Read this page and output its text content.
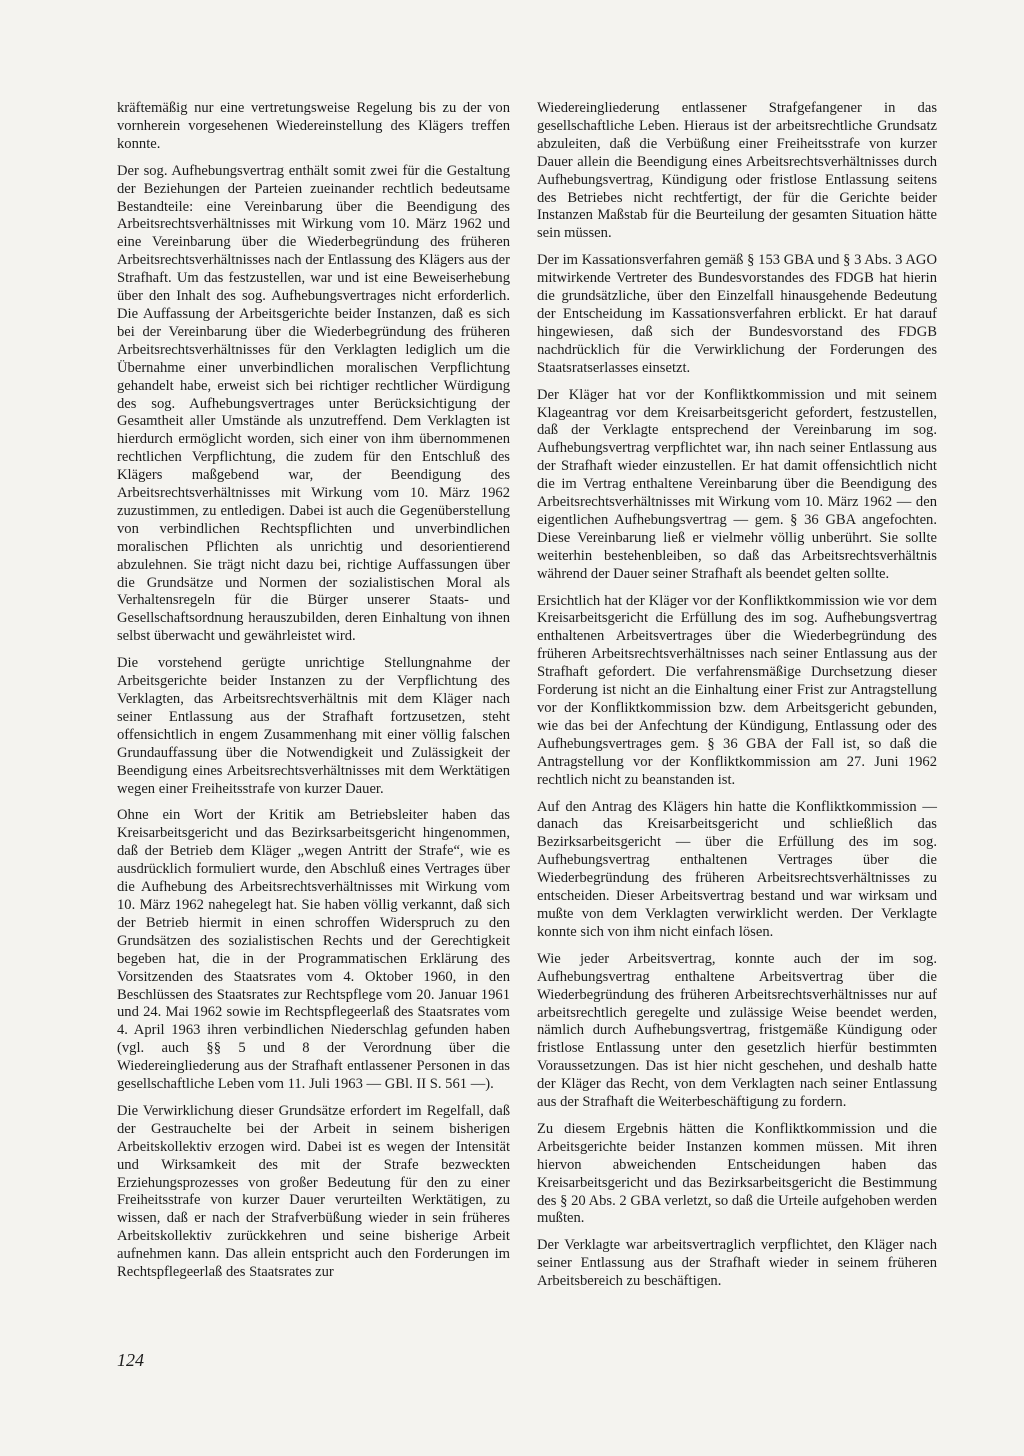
kräftemäßig nur eine vertretungsweise Regelung bis zu der von vornherein vorgesehenen Wiedereinstellung des Klägers treffen konnte.

Der sog. Aufhebungsvertrag enthält somit zwei für die Gestaltung der Beziehungen der Parteien zueinander rechtlich bedeutsame Bestandteile: eine Vereinbarung über die Beendigung des Arbeitsrechtsverhältnisses mit Wirkung vom 10. März 1962 und eine Vereinbarung über die Wiederbegründung des früheren Arbeitsrechtsverhältnisses nach der Entlassung des Klägers aus der Strafhaft. Um das festzustellen, war und ist eine Beweiserhebung über den Inhalt des sog. Aufhebungsvertrages nicht erforderlich. Die Auffassung der Arbeitsgerichte beider Instanzen, daß es sich bei der Vereinbarung über die Wiederbegründung des früheren Arbeitsrechtsverhältnisses für den Verklagten lediglich um die Übernahme einer unverbindlichen moralischen Verpflichtung gehandelt habe, erweist sich bei richtiger rechtlicher Würdigung des sog. Aufhebungsvertrages unter Berücksichtigung der Gesamtheit aller Umstände als unzutreffend. Dem Verklagten ist hierdurch ermöglicht worden, sich einer von ihm übernommenen rechtlichen Verpflichtung, die zudem für den Entschluß des Klägers maßgebend war, der Beendigung des Arbeitsrechtsverhältnisses mit Wirkung vom 10. März 1962 zuzustimmen, zu entledigen. Dabei ist auch die Gegenüberstellung von verbindlichen Rechtspflichten und unverbindlichen moralischen Pflichten als unrichtig und desorientierend abzulehnen. Sie trägt nicht dazu bei, richtige Auffassungen über die Grundsätze und Normen der sozialistischen Moral als Verhaltensregeln für die Bürger unserer Staats- und Gesellschaftsordnung herauszubilden, deren Einhaltung von ihnen selbst überwacht und gewährleistet wird.

Die vorstehend gerügte unrichtige Stellungnahme der Arbeitsgerichte beider Instanzen zu der Verpflichtung des Verklagten, das Arbeitsrechtsverhältnis mit dem Kläger nach seiner Entlassung aus der Strafhaft fortzusetzen, steht offensichtlich in engem Zusammenhang mit einer völlig falschen Grundauffassung über die Notwendigkeit und Zulässigkeit der Beendigung eines Arbeitsrechtsverhältnisses mit dem Werktätigen wegen einer Freiheitsstrafe von kurzer Dauer.

Ohne ein Wort der Kritik am Betriebsleiter haben das Kreisarbeitsgericht und das Bezirksarbeitsgericht hingenommen, daß der Betrieb dem Kläger „wegen Antritt der Strafe“, wie es ausdrücklich formuliert wurde, den Abschluß eines Vertrages über die Aufhebung des Arbeitsrechtsverhältnisses mit Wirkung vom 10. März 1962 nahegelegt hat. Sie haben völlig verkannt, daß sich der Betrieb hiermit in einen schroffen Widerspruch zu den Grundsätzen des sozialistischen Rechts und der Gerechtigkeit begeben hat, die in der Programmatischen Erklärung des Vorsitzenden des Staatsrates vom 4. Oktober 1960, in den Beschlüssen des Staatsrates zur Rechtspflege vom 20. Januar 1961 und 24. Mai 1962 sowie im Rechtspflegeerlaß des Staatsrates vom 4. April 1963 ihren verbindlichen Niederschlag gefunden haben (vgl. auch §§ 5 und 8 der Verordnung über die Wiedereingliederung aus der Strafhaft entlassener Personen in das gesellschaftliche Leben vom 11. Juli 1963 — GBl. II S. 561 —).

Die Verwirklichung dieser Grundsätze erfordert im Regelfall, daß der Gestrauchelte bei der Arbeit in seinem bisherigen Arbeitskollektiv erzogen wird. Dabei ist es wegen der Intensität und Wirksamkeit des mit der Strafe bezweckten Erziehungsprozesses von großer Bedeutung für den zu einer Freiheitsstrafe von kurzer Dauer verurteilten Werktätigen, zu wissen, daß er nach der Strafverbüßung wieder in sein früheres Arbeitskollektiv zurückkehren und seine bisherige Arbeit aufnehmen kann. Das allein entspricht auch den Forderungen im Rechtspflegeerlaß des Staatsrates zur

Wiedereingliederung entlassener Strafgefangener in das gesellschaftliche Leben. Hieraus ist der arbeitsrechtliche Grundsatz abzuleiten, daß die Verbüßung einer Freiheitsstrafe von kurzer Dauer allein die Beendigung eines Arbeitsrechtsverhältnisses durch Aufhebungsvertrag, Kündigung oder fristlose Entlassung seitens des Betriebes nicht rechtfertigt, der für die Gerichte beider Instanzen Maßstab für die Beurteilung der gesamten Situation hätte sein müssen.

Der im Kassationsverfahren gemäß § 153 GBA und § 3 Abs. 3 AGO mitwirkende Vertreter des Bundesvorstandes des FDGB hat hierin die grundsätzliche, über den Einzelfall hinausgehende Bedeutung der Entscheidung im Kassationsverfahren erblickt. Er hat darauf hingewiesen, daß sich der Bundesvorstand des FDGB nachdrücklich für die Verwirklichung der Forderungen des Staatsratserlasses einsetzt.

Der Kläger hat vor der Konfliktkommission und mit seinem Klageantrag vor dem Kreisarbeitsgericht gefordert, festzustellen, daß der Verklagte entsprechend der Vereinbarung im sog. Aufhebungsvertrag verpflichtet war, ihn nach seiner Entlassung aus der Strafhaft wieder einzustellen. Er hat damit offensichtlich nicht die im Vertrag enthaltene Vereinbarung über die Beendigung des Arbeitsrechtsverhältnisses mit Wirkung vom 10. März 1962 — den eigentlichen Aufhebungsvertrag — gem. § 36 GBA angefochten. Diese Vereinbarung ließ er vielmehr völlig unberührt. Sie sollte weiterhin bestehenbleiben, so daß das Arbeitsrechtsverhältnis während der Dauer seiner Strafhaft als beendet gelten sollte.

Ersichtlich hat der Kläger vor der Konfliktkommission wie vor dem Kreisarbeitsgericht die Erfüllung des im sog. Aufhebungsvertrag enthaltenen Arbeitsvertrages über die Wiederbegründung des früheren Arbeitsrechtsverhältnisses nach seiner Entlassung aus der Strafhaft gefordert. Die verfahrensmäßige Durchsetzung dieser Forderung ist nicht an die Einhaltung einer Frist zur Antragstellung vor der Konfliktkommission bzw. dem Arbeitsgericht gebunden, wie das bei der Anfechtung der Kündigung, Entlassung oder des Aufhebungsvertrages gem. § 36 GBA der Fall ist, so daß die Antragstellung vor der Konfliktkommission am 27. Juni 1962 rechtlich nicht zu beanstanden ist.

Auf den Antrag des Klägers hin hatte die Konfliktkommission — danach das Kreisarbeitsgericht und schließlich das Bezirksarbeitsgericht — über die Erfüllung des im sog. Aufhebungsvertrag enthaltenen Vertrages über die Wiederbegründung des früheren Arbeitsrechtsverhältnisses zu entscheiden. Dieser Arbeitsvertrag bestand und war wirksam und mußte von dem Verklagten verwirklicht werden. Der Verklagte konnte sich von ihm nicht einfach lösen.

Wie jeder Arbeitsvertrag, konnte auch der im sog. Aufhebungsvertrag enthaltene Arbeitsvertrag über die Wiederbegründung des früheren Arbeitsrechtsverhältnisses nur auf arbeitsrechtlich geregelte und zulässige Weise beendet werden, nämlich durch Aufhebungsvertrag, fristgemäße Kündigung oder fristlose Entlassung unter den gesetzlich hierfür bestimmten Voraussetzungen. Das ist hier nicht geschehen, und deshalb hatte der Kläger das Recht, von dem Verklagten nach seiner Entlassung aus der Strafhaft die Weiterbeschäftigung zu fordern.

Zu diesem Ergebnis hätten die Konfliktkommission und die Arbeitsgerichte beider Instanzen kommen müssen. Mit ihren hiervon abweichenden Entscheidungen haben das Kreisarbeitsgericht und das Bezirksarbeitsgericht die Bestimmung des § 20 Abs. 2 GBA verletzt, so daß die Urteile aufgehoben werden mußten.

Der Verklagte war arbeitsvertraglich verpflichtet, den Kläger nach seiner Entlassung aus der Strafhaft wieder in seinem früheren Arbeitsbereich zu beschäftigen.

124
